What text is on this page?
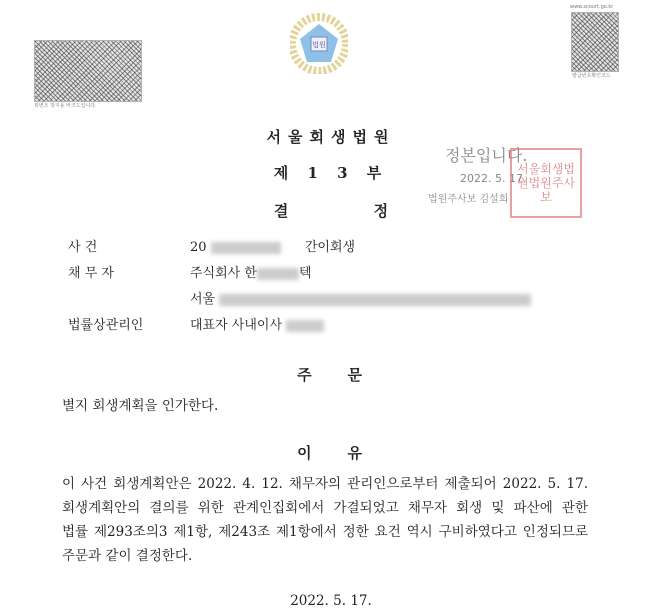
위변조 방지용 바코드입니다.
법원
www.scourt.go.kr
발급번호확인코드
서울회생법원
제 1 3 부
결 정
정본입니다.
2022. 5. 17.
법원주사보 김설희
서울회생법원법원주사보
사 건	20	간이회생
채 무 자	주식회사 한	텍
서울
법률상관리인	대표자 사내이사
주    문
별지 회생계획을 인가한다.
이    유
이 사건 회생계획안은 2022. 4. 12. 채무자의 관리인으로부터 제출되어 2022. 5. 17.
회생계획안의 결의를 위한 관계인집회에서 가결되었고 채무자 회생 및 파산에 관한
법률 제293조의3 제1항, 제243조 제1항에서 정한 요건 역시 구비하였다고 인정되므로
주문과 같이 결정한다.
2022. 5. 17.
